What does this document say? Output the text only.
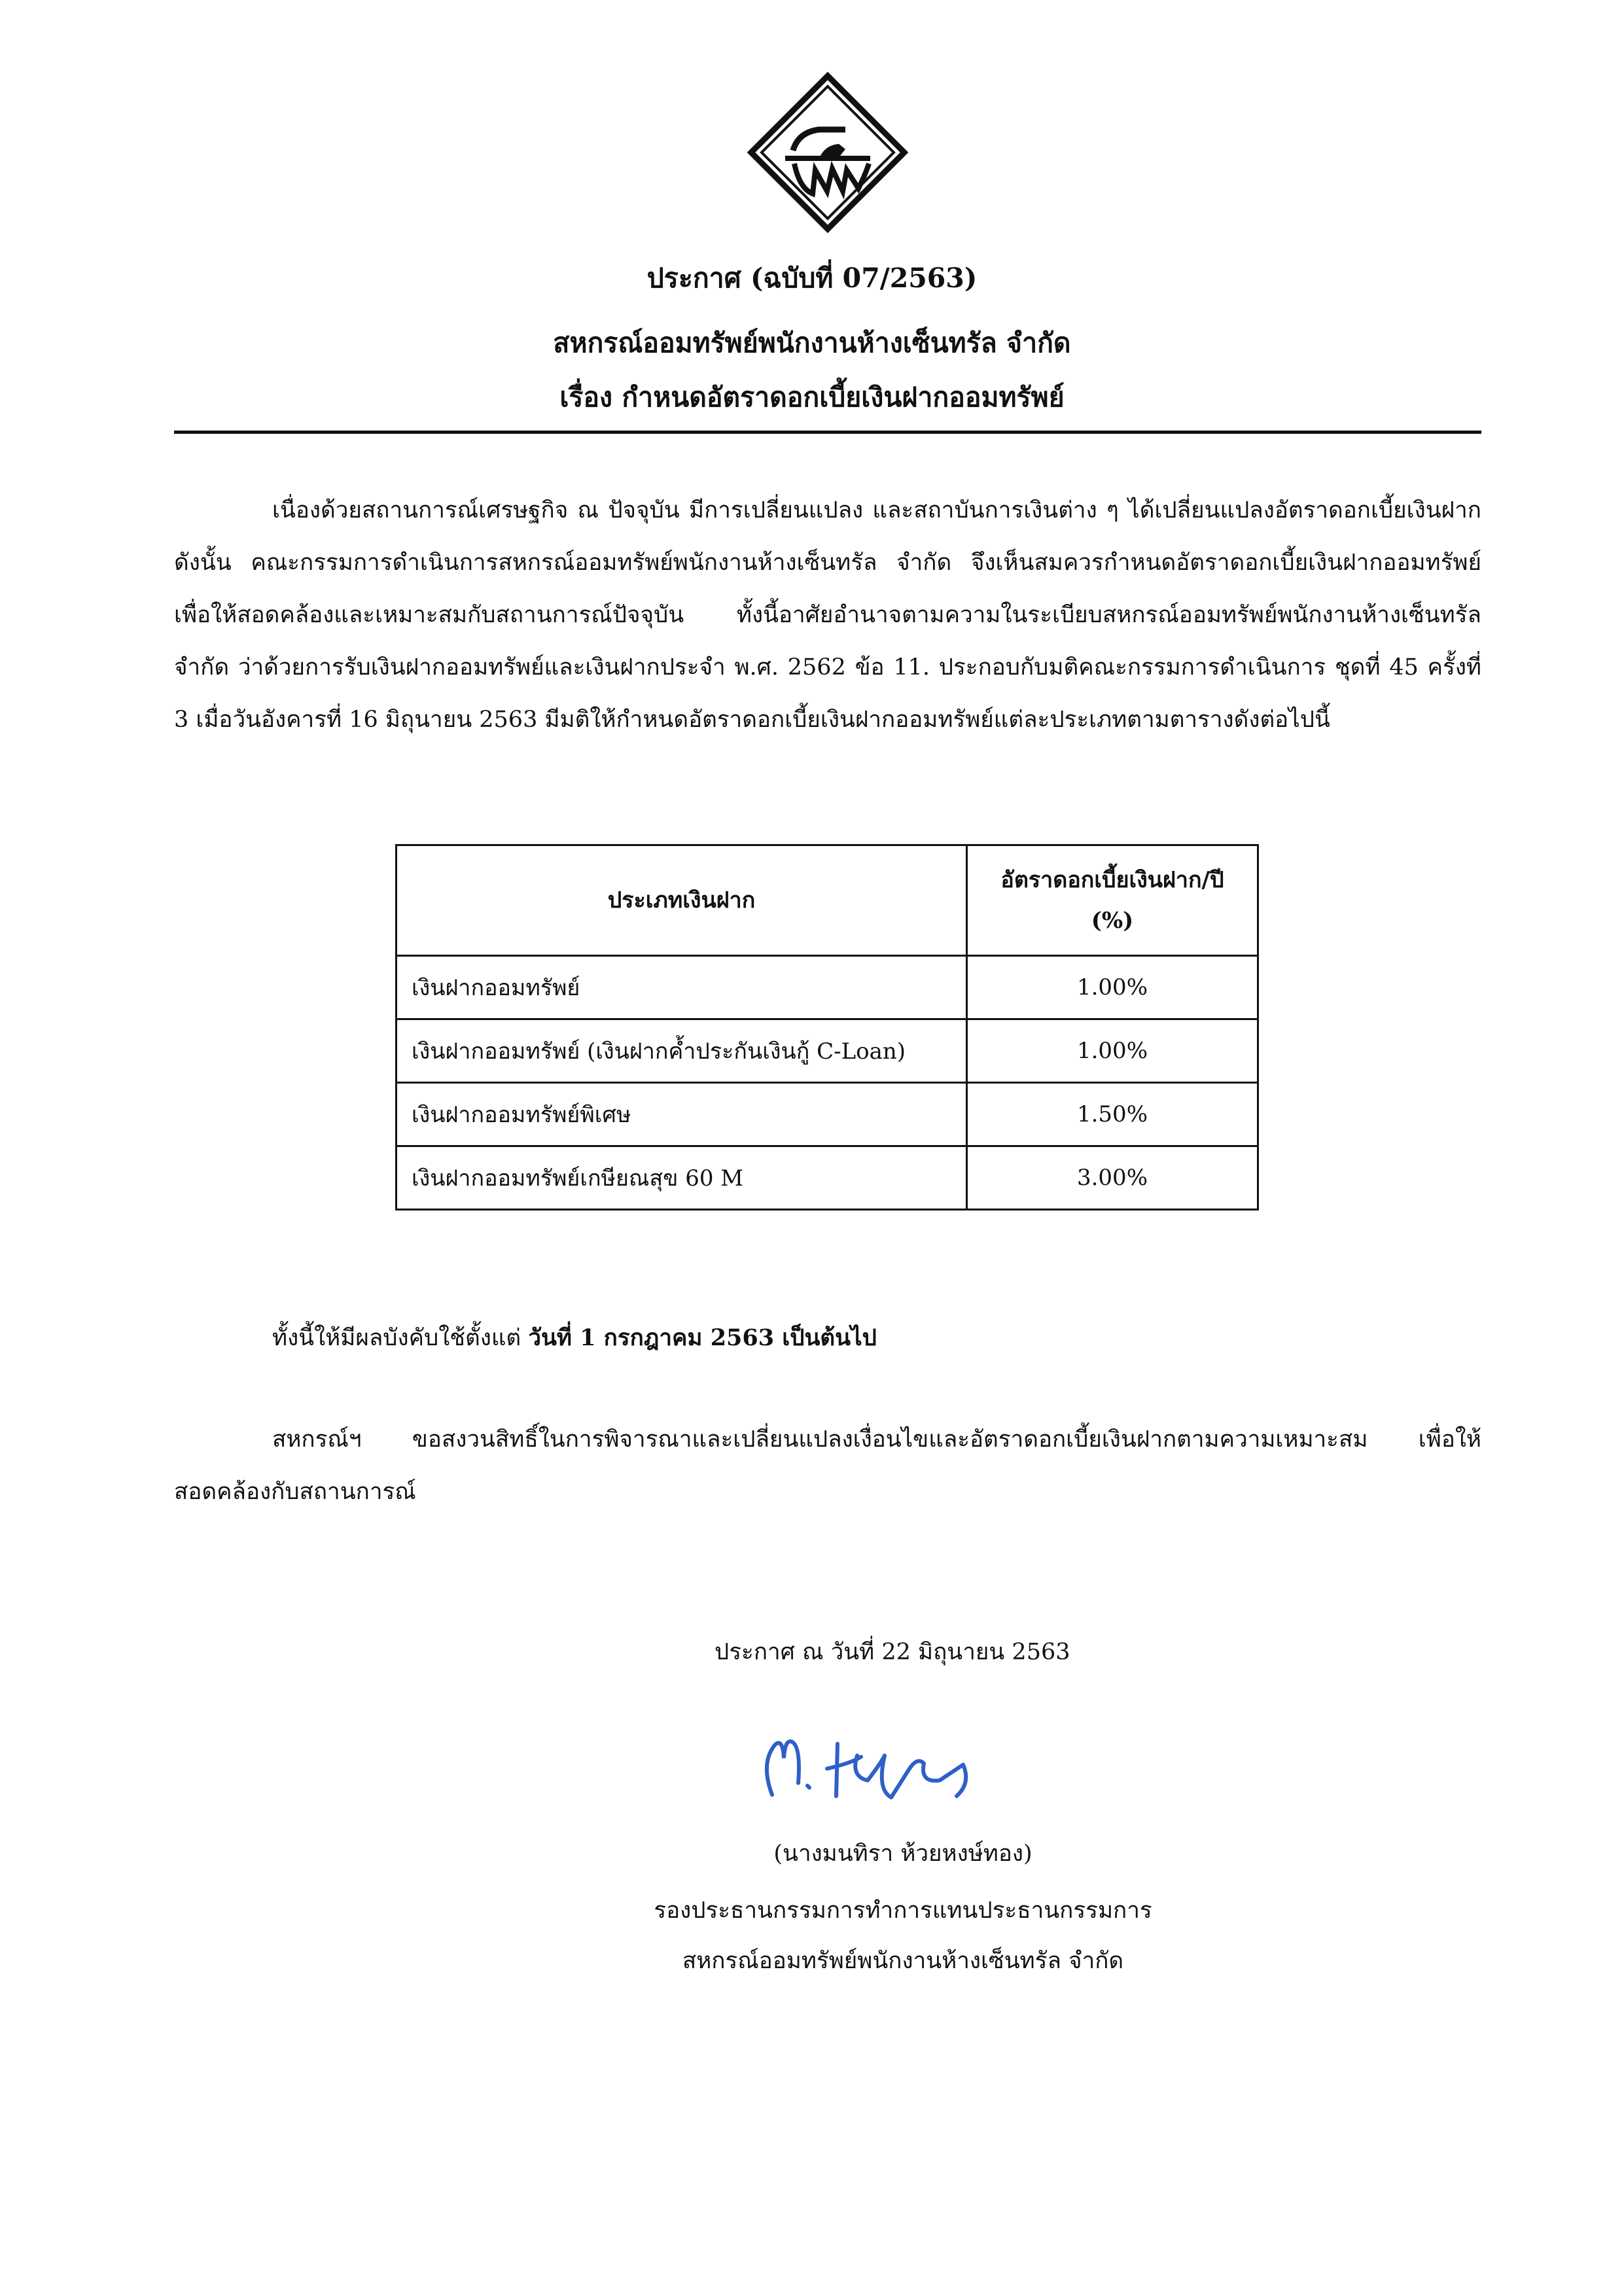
ประกาศ (ฉบับที่ 07/2563)
สหกรณ์ออมทรัพย์พนักงานห้างเซ็นทรัล จำกัด
เรื่อง กำหนดอัตราดอกเบี้ยเงินฝากออมทรัพย์
เนื่องด้วยสถานการณ์เศรษฐกิจ ณ ปัจจุบัน มีการเปลี่ยนแปลง และสถาบันการเงินต่าง ๆ ได้เปลี่ยนแปลงอัตราดอกเบี้ยเงินฝาก ดังนั้น คณะกรรมการดำเนินการสหกรณ์ออมทรัพย์พนักงานห้างเซ็นทรัล จำกัด จึงเห็นสมควรกำหนดอัตราดอกเบี้ยเงินฝากออมทรัพย์เพื่อให้สอดคล้องและเหมาะสมกับสถานการณ์ปัจจุบัน ทั้งนี้อาศัยอำนาจตามความในระเบียบสหกรณ์ออมทรัพย์พนักงานห้างเซ็นทรัล จำกัด ว่าด้วยการรับเงินฝากออมทรัพย์และเงินฝากประจำ พ.ศ. 2562 ข้อ 11. ประกอบกับมติคณะกรรมการดำเนินการ ชุดที่ 45 ครั้งที่ 3 เมื่อวันอังคารที่ 16 มิถุนายน 2563 มีมติให้กำหนดอัตราดอกเบี้ยเงินฝากออมทรัพย์แต่ละประเภทตามตารางดังต่อไปนี้
ประเภทเงินฝาก	อัตราดอกเบี้ยเงินฝาก/ปี
(%)

เงินฝากออมทรัพย์	1.00%
เงินฝากออมทรัพย์ (เงินฝากค้ำประกันเงินกู้ C-Loan)	1.00%
เงินฝากออมทรัพย์พิเศษ	1.50%
เงินฝากออมทรัพย์เกษียณสุข 60 M	3.00%
ทั้งนี้ให้มีผลบังคับใช้ตั้งแต่ วันที่ 1 กรกฎาคม 2563 เป็นต้นไป
สหกรณ์ฯ ขอสงวนสิทธิ์ในการพิจารณาและเปลี่ยนแปลงเงื่อนไขและอัตราดอกเบี้ยเงินฝากตามความเหมาะสม เพื่อให้สอดคล้องกับสถานการณ์
ประกาศ ณ วันที่ 22 มิถุนายน 2563
(นางมนทิรา ห้วยหงษ์ทอง)
รองประธานกรรมการทำการแทนประธานกรรมการ
สหกรณ์ออมทรัพย์พนักงานห้างเซ็นทรัล จำกัด
